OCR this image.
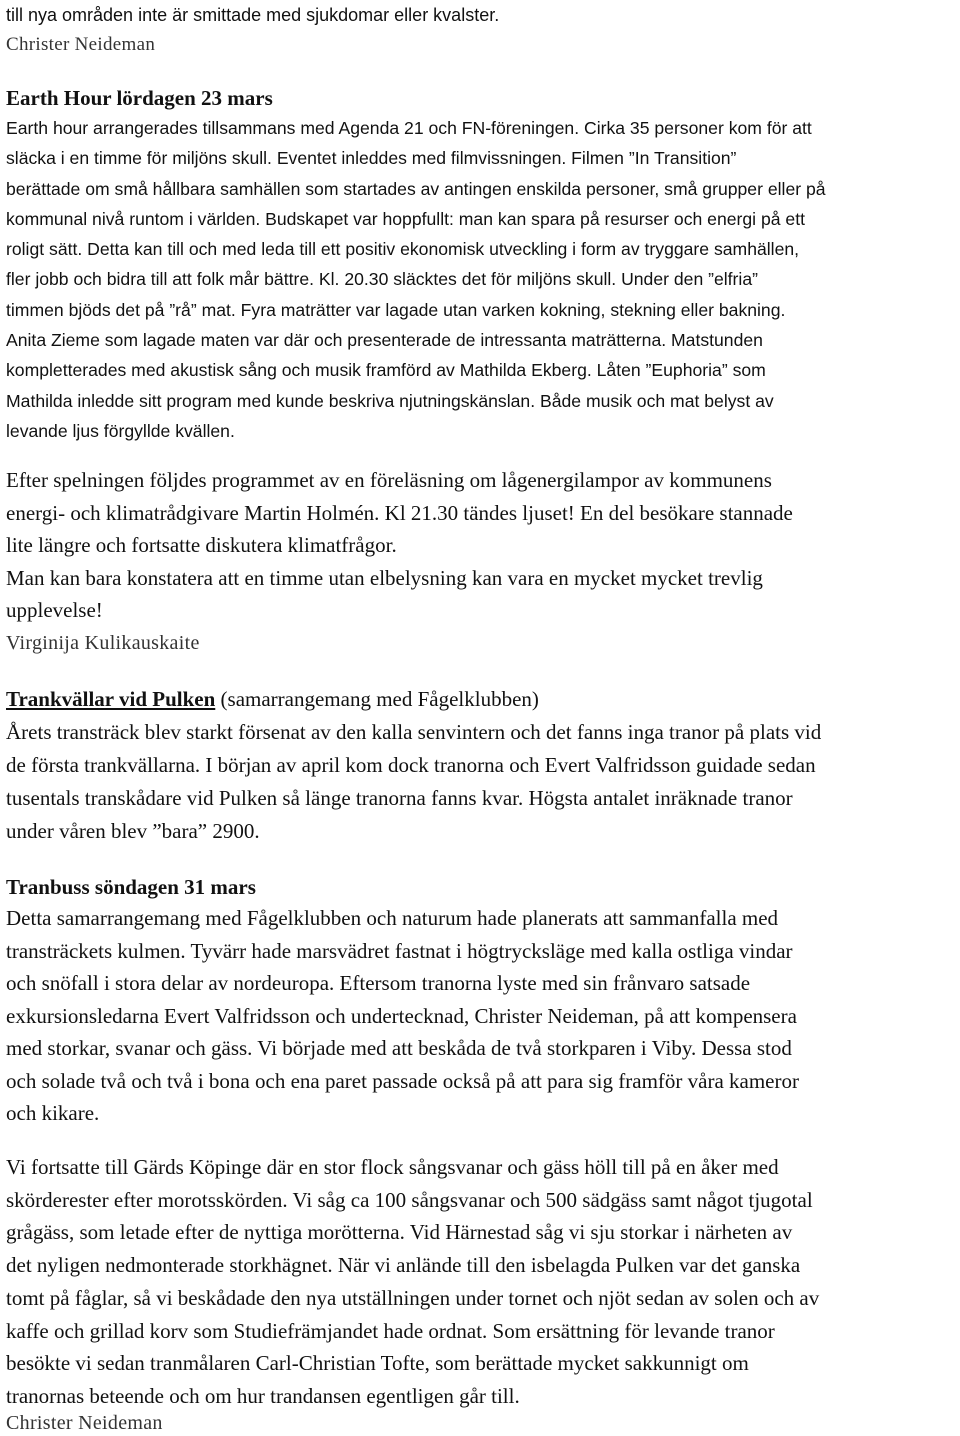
till nya områden inte är smittade med sjukdomar eller kvalster.
Christer Neideman
Earth Hour lördagen 23 mars
Earth hour arrangerades tillsammans med Agenda 21 och FN-föreningen. Cirka 35 personer kom för att
släcka i en timme för miljöns skull. Eventet inleddes med filmvissningen. Filmen ”In Transition”
berättade om små hållbara samhällen som startades av antingen enskilda personer, små grupper eller på
kommunal nivå runtom i världen. Budskapet var hoppfullt: man kan spara på resurser och energi på ett
roligt sätt. Detta kan till och med leda till ett positiv ekonomisk utveckling i form av tryggare samhällen,
fler jobb och bidra till att folk mår bättre. Kl. 20.30 släcktes det för miljöns skull. Under den ”elfria”
timmen bjöds det på ”rå” mat. Fyra maträtter var lagade utan varken kokning, stekning eller bakning.
Anita Zieme som lagade maten var där och presenterade de intressanta maträtterna. Matstunden
kompletterades med akustisk sång och musik framförd av Mathilda Ekberg. Låten ”Euphoria” som
Mathilda inledde sitt program med kunde beskriva njutningskänslan. Både musik och mat belyst av
levande ljus förgyllde kvällen.
Efter spelningen följdes programmet av en föreläsning om lågenergilampor av kommunens
energi- och klimatrådgivare Martin Holmén. Kl 21.30 tändes ljuset! En del besökare stannade
lite längre och fortsatte diskutera klimatfrågor.
Man kan bara konstatera att en timme utan elbelysning kan vara en mycket mycket trevlig
upplevelse!
Virginija Kulikauskaite
Trankvällar vid Pulken (samarrangemang med Fågelklubben)
Årets transträck blev starkt försenat av den kalla senvintern och det fanns inga tranor på plats vid
de första trankvällarna. I början av april kom dock tranorna och Evert Valfridsson guidade sedan
tusentals transkådare vid Pulken så länge tranorna fanns kvar. Högsta antalet inräknade tranor
under våren blev ”bara” 2900.
Tranbuss söndagen 31 mars
Detta samarrangemang med Fågelklubben och naturum hade planerats att sammanfalla med
transträckets kulmen. Tyvärr hade marsvädret fastnat i högtrycksläge med kalla ostliga vindar
och snöfall i stora delar av nordeuropa. Eftersom tranorna lyste med sin frånvaro satsade
exkursionsledarna Evert Valfridsson och undertecknad, Christer Neideman, på att kompensera
med storkar, svanar och gäss. Vi började med att beskåda de två storkparen i Viby. Dessa stod
och solade två och två i bona och ena paret passade också på att para sig framför våra kameror
och kikare.
Vi fortsatte till Gärds Köpinge där en stor flock sångsvanar och gäss höll till på en åker med
skörderester efter morotsskörden. Vi såg ca 100 sångsvanar och 500 sädgäss samt något tjugotal
grågäss, som letade efter de nyttiga morötterna. Vid Härnestad såg vi sju storkar i närheten av
det nyligen nedmonterade storkhägnet. När vi anlände till den isbelagda Pulken var det ganska
tomt på fåglar, så vi beskådade den nya utställningen under tornet och njöt sedan av solen och av
kaffe och grillad korv som Studiefrämjandet hade ordnat. Som ersättning för levande tranor
besökte vi sedan tranmålaren Carl-Christian Tofte, som berättade mycket sakkunnigt om
tranornas beteende och om hur trandansen egentligen går till.
Christer Neideman
